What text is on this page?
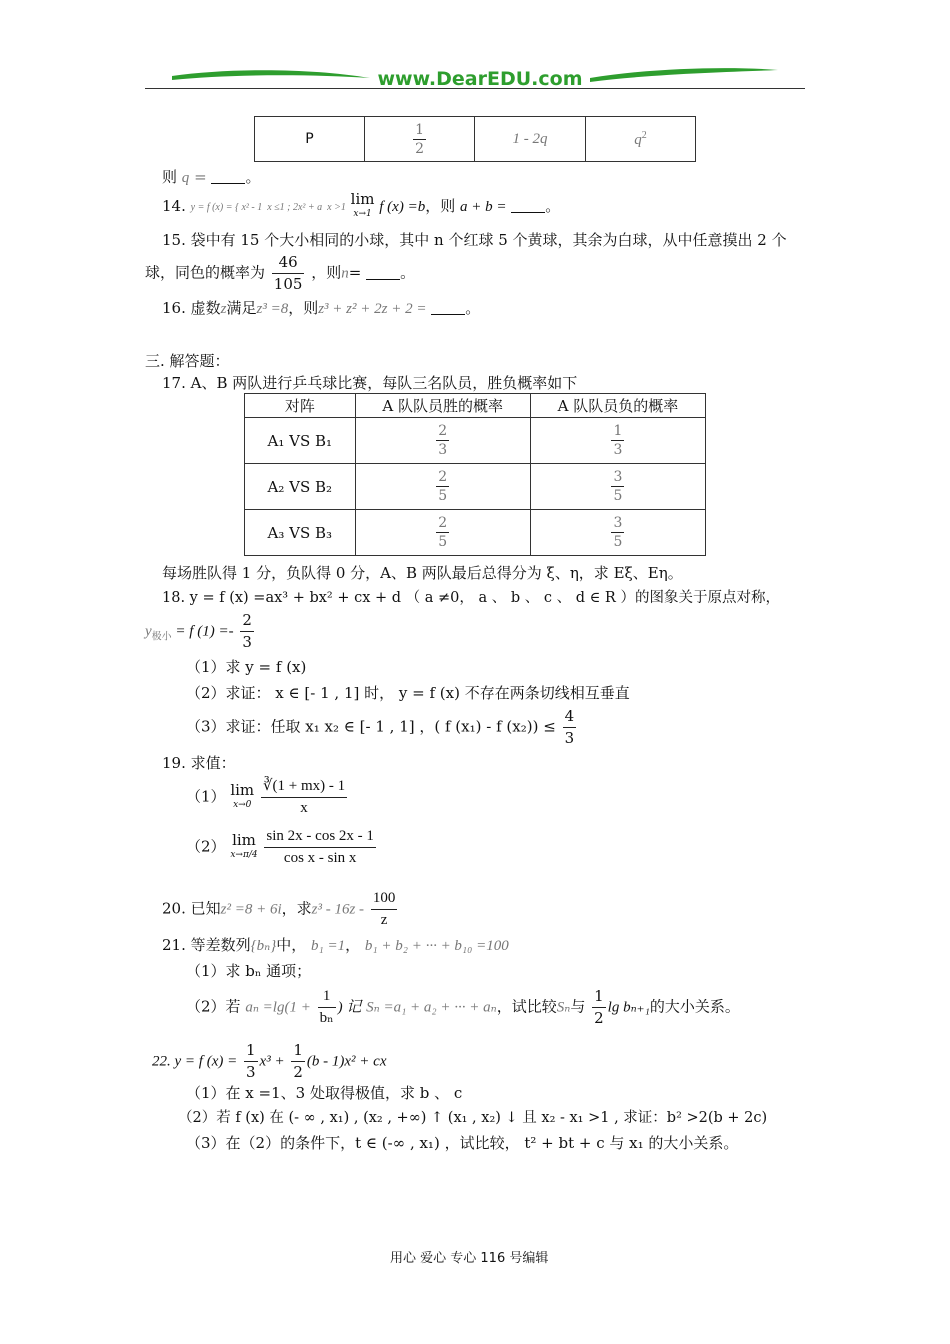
www.DearEDU.com
P	$\frac{1}{2}$	1 - 2q	$q^2$
则 q =	。
14. y = f (x) = { x² - 1  x ≤1 ; 2x² + a  x >1 lim
x→1 f (x) =b，则 a + b =	。
15. 袋中有 15 个大小相同的小球，其中 n 个红球 5 个黄球，其余为白球，从中任意摸出 2 个
球，同色的概率为 $\frac{46}{105}$ ，则n=	。
16. 虚数z满足z³ =8，则z³ + z² + 2z + 2 =	。
三. 解答题：
17. A、B 两队进行乒乓球比赛，每队三名队员，胜负概率如下
对阵	A 队队员胜的概率	A 队队员负的概率
A₁ VS B₁	$\frac{2}{3}$	$\frac{1}{3}$

A₂ VS B₂	$\frac{2}{5}$	$\frac{3}{5}$

A₃ VS B₃	$\frac{2}{5}$	$\frac{3}{5}$
每场胜队得 1 分，负队得 0 分，A、B 两队最后总得分为 ξ、η，求 Eξ、Eη。
18. y = f (x) =ax³ + bx² + cx + d （ a ≠0， a 、 b 、 c 、 d ∈ R ）的图象关于原点对称，
$y_{极小} = f$ $(1) =- \frac{2}{3}$
（1）求 y = f (x)
（2）求证： x ∈ [- 1 , 1] 时， y = f (x) 不存在两条切线相互垂直
（3）求证：任取 x₁ x₂ ∈ [- 1 , 1] ，( f (x₁) - f $(x_2)) \le \frac{4}{3}$
19. 求值：
（1） lim
x→0
$\frac{∛(1 + mx) - 1}{x}$
（2） lim
x→π/4
$\frac{\sin 2x - \cos 2x - 1}{\text{cos x - sin x}}$
20. 已知z² =8 + 6i，求$z^3 - 16z - \frac{100}{z}$
21. 等差数列{bₙ}中， b₁ =1， b₁ + b₂ + ··· + b₁₀ =100
（1）求 bₙ 通项；
（2）若 $a_n =\lg(1 + \frac{1}{\text{bₙ}}$ ) 记 Sₙ =a₁ + a₂ + ··· + aₙ，试比较Sₙ与 $\frac{1}{2}$ lg bₙ₊₁的大小关系。
22. y = f $(x) = \frac{1}{3} x^3 + \frac{1}{2} (b - 1)x^2$ + cx
（1）在 x =1、3 处取得极值，求 b 、 c
（2）若 f (x) 在 (- ∞ , x₁) , (x₂ , +∞) ↑ (x₁ , x₂) ↓ 且 x₂ - x₁ >1 , 求证：b² >2(b + 2c)
（3）在（2）的条件下，t ∈ (-∞ , x₁) ，试比较， t² + bt + c 与 x₁ 的大小关系。
用心 爱心 专心 116 号编辑
